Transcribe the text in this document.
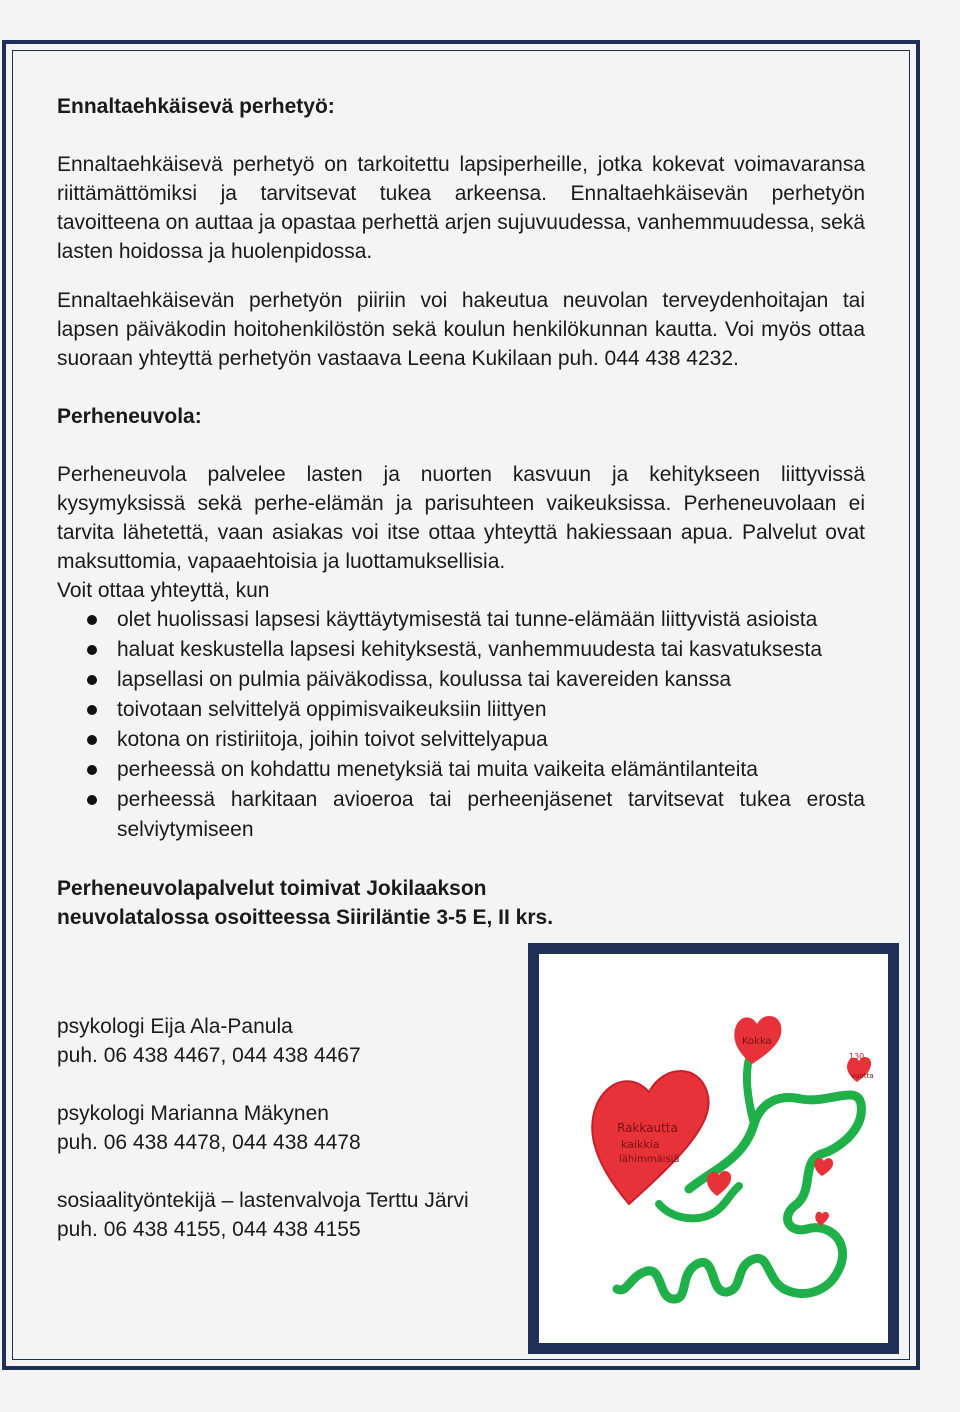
Ennaltaehkäisevä perhetyö:

Ennaltaehkäisevä perhetyö on tarkoitettu lapsiperheille, jotka kokevat voimavaransa riittämättömiksi ja tarvitsevat tukea arkeensa. Ennaltaehkäisevän perhetyön tavoitteena on auttaa ja opastaa perhettä arjen sujuvuudessa, vanhemmuudessa, sekä lasten hoidossa ja huolenpidossa.

Ennaltaehkäisevän perhetyön piiriin voi hakeutua neuvolan terveydenhoitajan tai lapsen päiväkodin hoitohenkilöstön sekä koulun henkilökunnan kautta. Voi myös ottaa suoraan yhteyttä perhetyön vastaava Leena Kukilaan puh. 044 438 4232.

Perheneuvola:

Perheneuvola palvelee lasten ja nuorten kasvuun ja kehitykseen liittyvissä kysymyksissä sekä perhe-elämän ja parisuhteen vaikeuksissa. Perheneuvolaan ei tarvita lähetettä, vaan asiakas voi itse ottaa yhteyttä hakiessaan apua. Palvelut ovat maksuttomia, vapaaehtoisia ja luottamuksellisia.

Voit ottaa yhteyttä, kun
olet huolissasi lapsesi käyttäytymisestä tai tunne-elämään liittyvistä asioista
haluat keskustella lapsesi kehityksestä, vanhemmuudesta tai kasvatuksesta
lapsellasi on pulmia päiväkodissa, koulussa tai kavereiden kanssa
toivotaan selvittelyä oppimisvaikeuksiin liittyen
kotona on ristiriitoja, joihin toivot selvittelyapua
perheessä on kohdattu menetyksiä tai muita vaikeita elämäntilanteita
perheessä harkitaan avioeroa tai perheenjäsenet tarvitsevat tukea erosta selviytymiseen
Perheneuvolapalvelut toimivat Jokilaakson
neuvolatalossa osoitteessa Siiriläntie 3-5 E, II krs.
psykologi Eija Ala-Panula
puh. 06 438 4467, 044 438 4467
psykologi Marianna Mäkynen
puh. 06 438 4478, 044 438 4478
sosiaalityöntekijä – lastenvalvoja Terttu Järvi
puh. 06 438 4155, 044 438 4155
Rakkautta
kaikkia
lähimmäisiä
Kokka
130
vuotta
